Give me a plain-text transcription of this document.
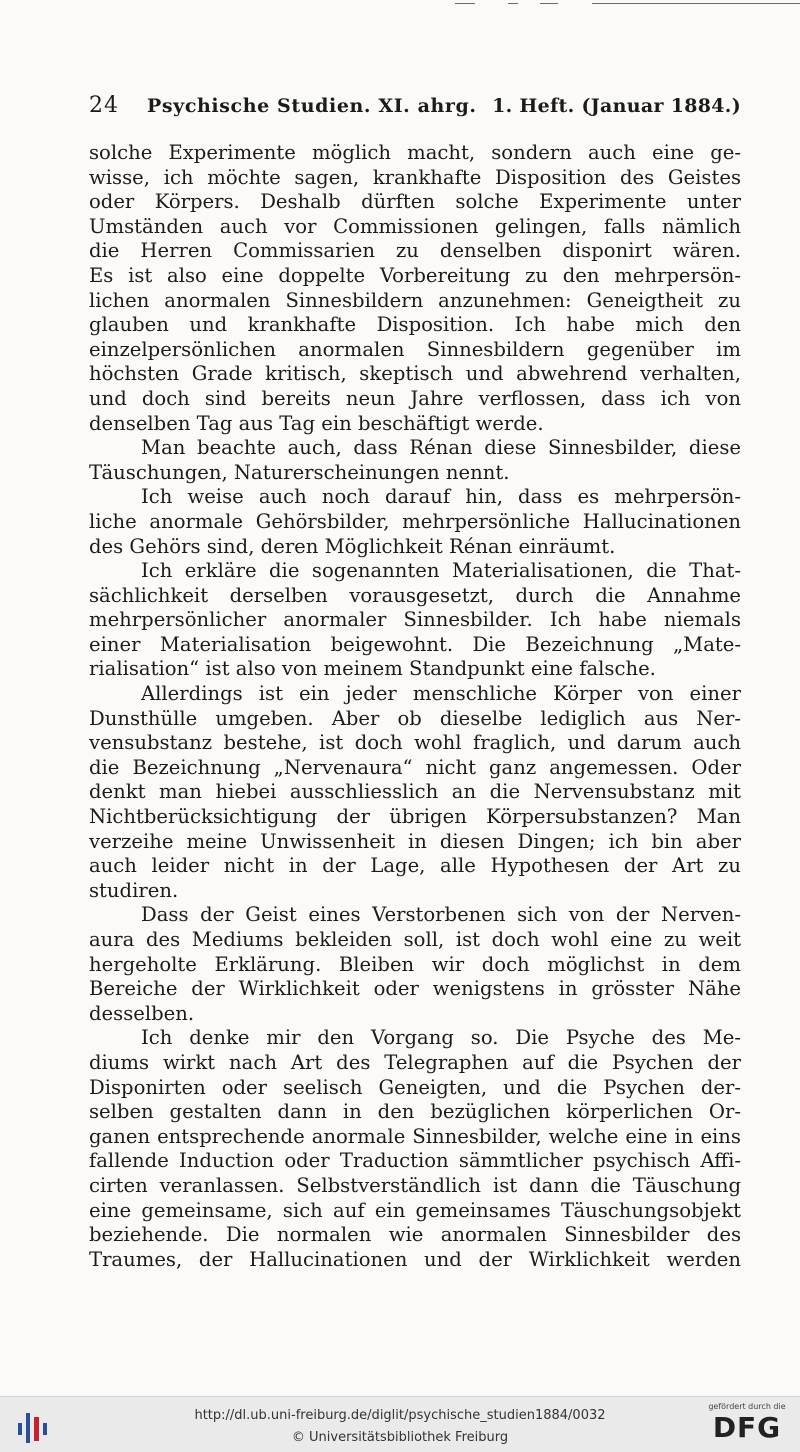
24 Psychische Studien. XI. ahrg. 1. Heft. (Januar 1884.)
solche Experimente möglich macht, sondern auch eine ge-
wisse, ich möchte sagen, krankhafte Disposition des Geistes
oder Körpers. Deshalb dürften solche Experimente unter
Umständen auch vor Commissionen gelingen, falls nämlich
die Herren Commissarien zu denselben disponirt wären.
Es ist also eine doppelte Vorbereitung zu den mehrpersön-
lichen anormalen Sinnesbildern anzunehmen: Geneigtheit zu
glauben und krankhafte Disposition. Ich habe mich den
einzelpersönlichen anormalen Sinnesbildern gegenüber im
höchsten Grade kritisch, skeptisch und abwehrend verhalten,
und doch sind bereits neun Jahre verflossen, dass ich von
denselben Tag aus Tag ein beschäftigt werde.
Man beachte auch, dass Rénan diese Sinnesbilder, diese
Täuschungen, Naturerscheinungen nennt.
Ich weise auch noch darauf hin, dass es mehrpersön-
liche anormale Gehörsbilder, mehrpersönliche Hallucinationen
des Gehörs sind, deren Möglichkeit Rénan einräumt.
Ich erkläre die sogenannten Materialisationen, die That-
sächlichkeit derselben vorausgesetzt, durch die Annahme
mehrpersönlicher anormaler Sinnesbilder. Ich habe niemals
einer Materialisation beigewohnt. Die Bezeichnung „Mate-
rialisation“ ist also von meinem Standpunkt eine falsche.
Allerdings ist ein jeder menschliche Körper von einer
Dunsthülle umgeben. Aber ob dieselbe lediglich aus Ner-
vensubstanz bestehe, ist doch wohl fraglich, und darum auch
die Bezeichnung „Nervenaura“ nicht ganz angemessen. Oder
denkt man hiebei ausschliesslich an die Nervensubstanz mit
Nichtberücksichtigung der übrigen Körpersubstanzen? Man
verzeihe meine Unwissenheit in diesen Dingen; ich bin aber
auch leider nicht in der Lage, alle Hypothesen der Art zu
studiren.
Dass der Geist eines Verstorbenen sich von der Nerven-
aura des Mediums bekleiden soll, ist doch wohl eine zu weit
hergeholte Erklärung. Bleiben wir doch möglichst in dem
Bereiche der Wirklichkeit oder wenigstens in grösster Nähe
desselben.
Ich denke mir den Vorgang so. Die Psyche des Me-
diums wirkt nach Art des Telegraphen auf die Psychen der
Disponirten oder seelisch Geneigten, und die Psychen der-
selben gestalten dann in den bezüglichen körperlichen Or-
ganen entsprechende anormale Sinnesbilder, welche eine in eins
fallende Induction oder Traduction sämmtlicher psychisch Affi-
cirten veranlassen. Selbstverständlich ist dann die Täuschung
eine gemeinsame, sich auf ein gemeinsames Täuschungsobjekt
beziehende. Die normalen wie anormalen Sinnesbilder des
Traumes, der Hallucinationen und der Wirklichkeit werden
http://dl.ub.uni-freiburg.de/diglit/psychische_studien1884/0032
© Universitätsbibliothek Freiburg
gefördert durch die
DFG
